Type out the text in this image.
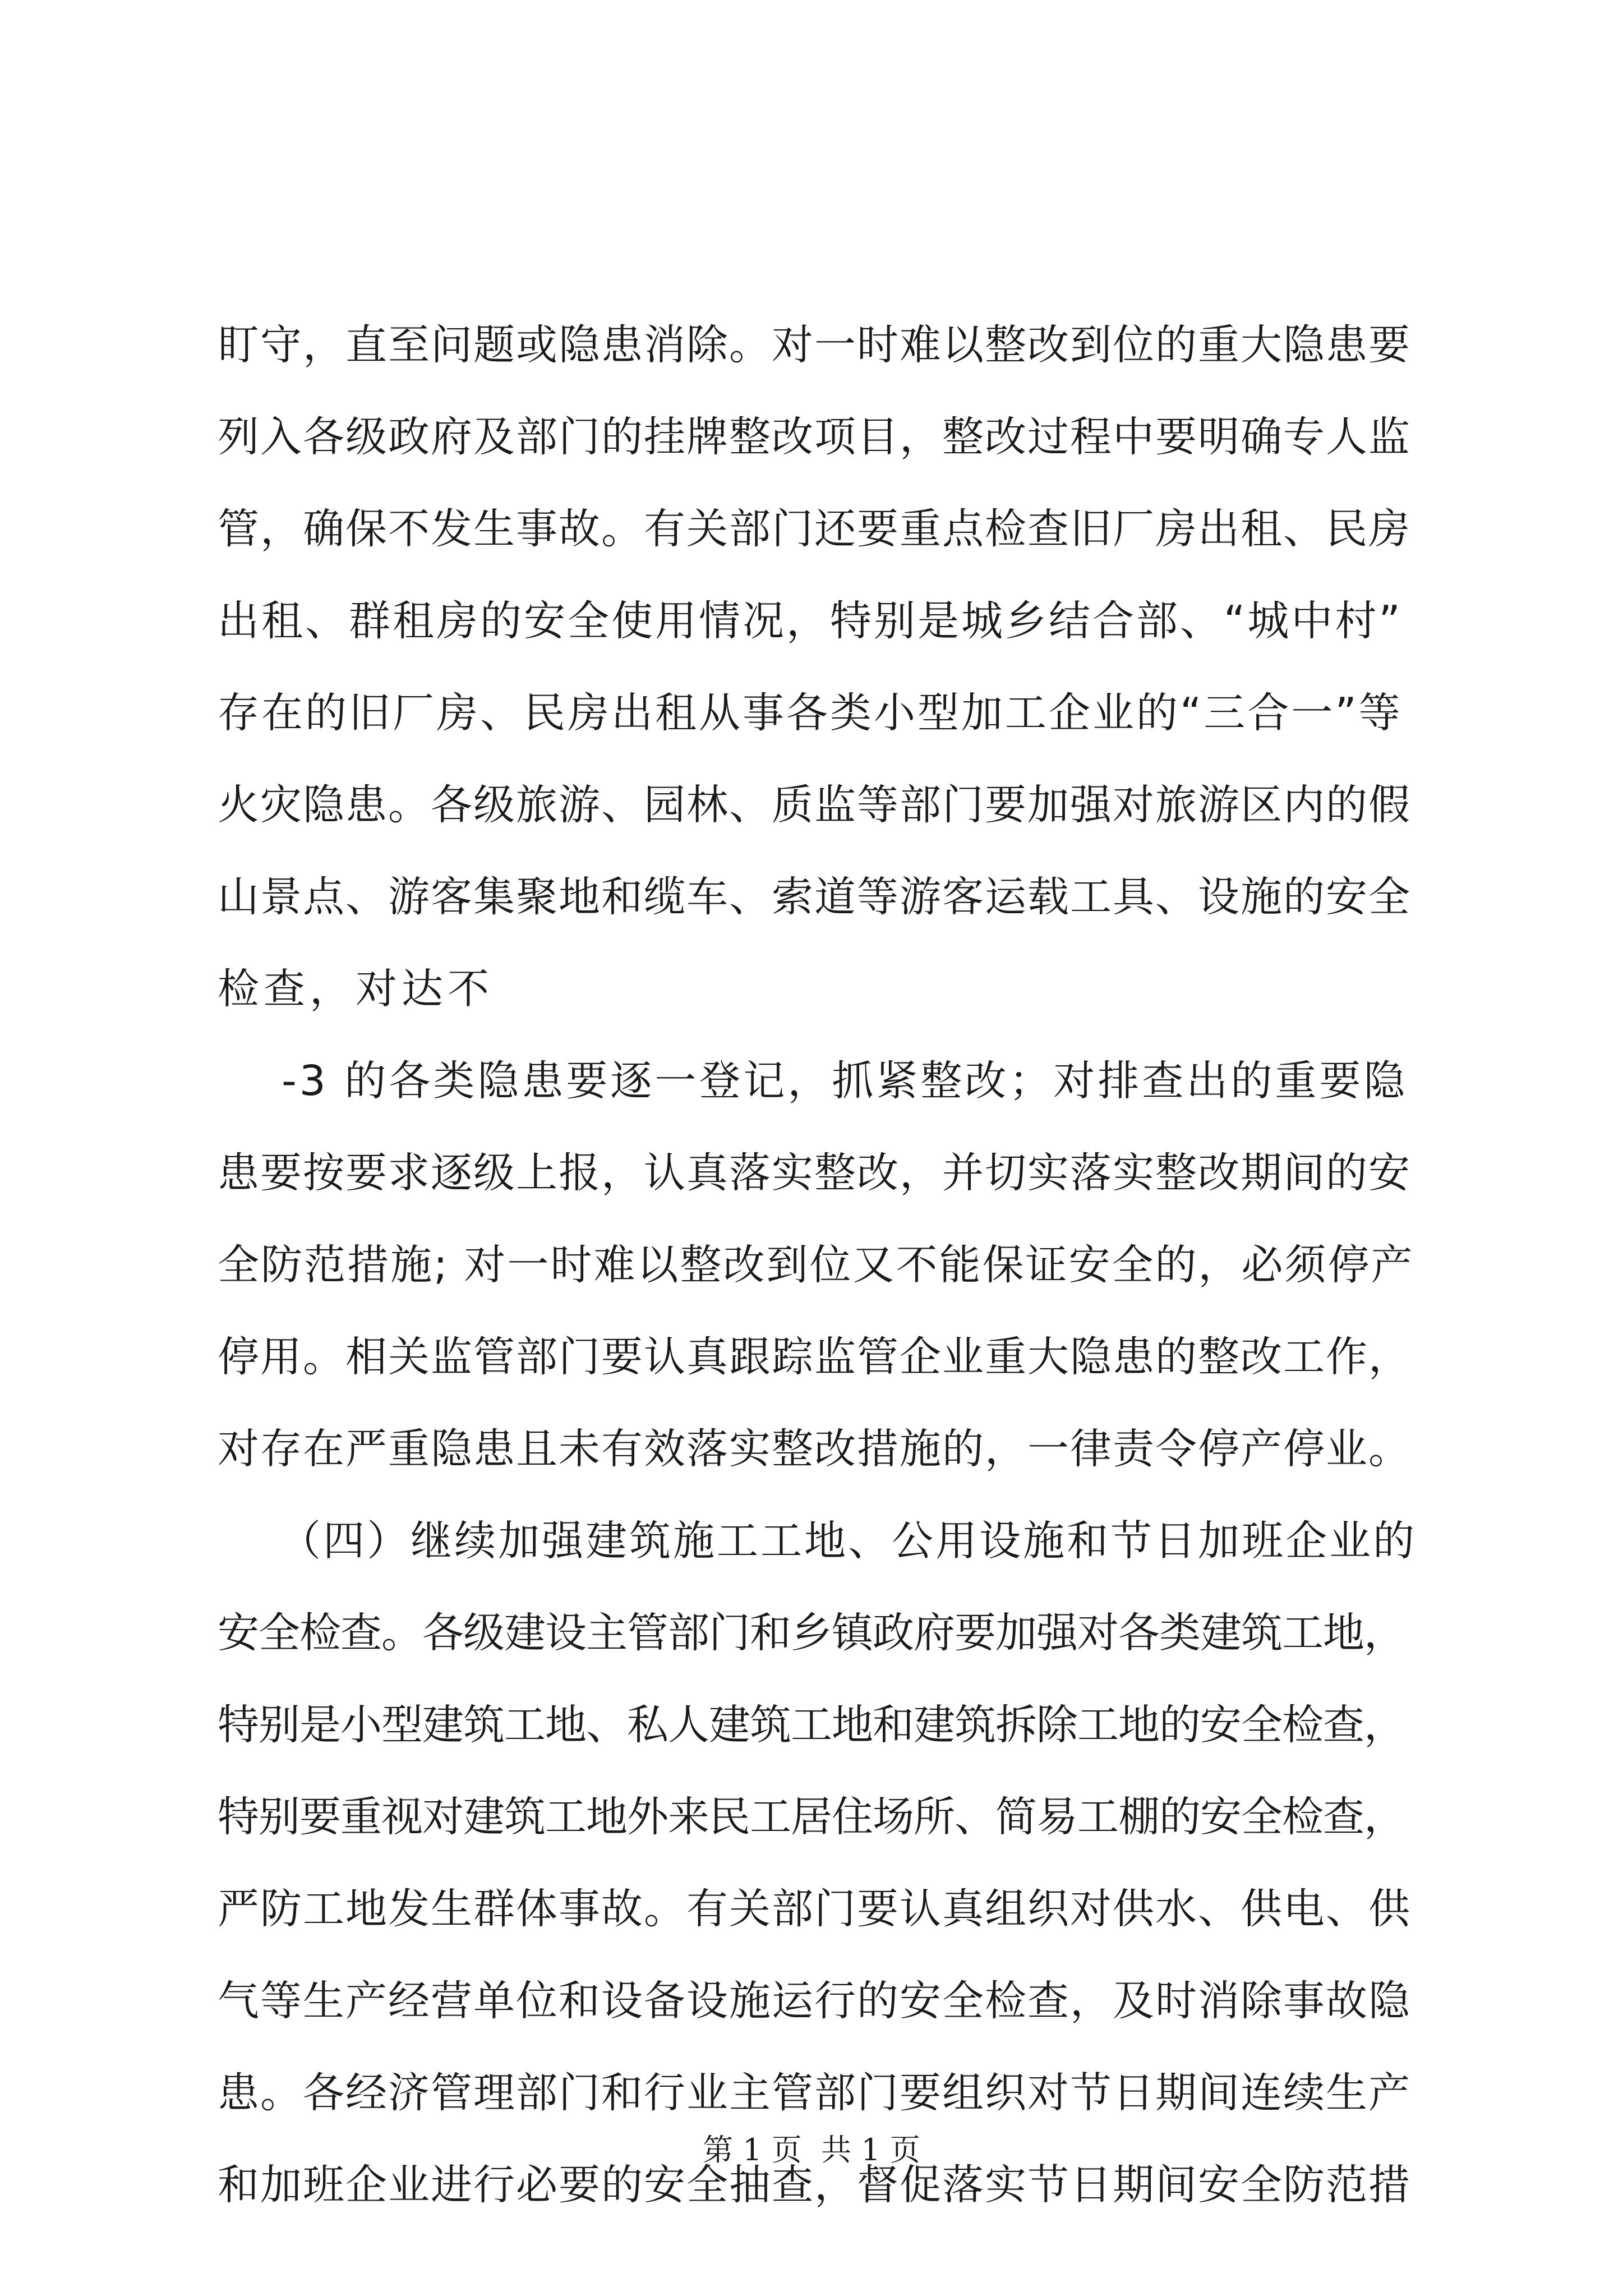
盯守，直至问题或隐患消除。对一时难以整改到位的重大隐患要
列入各级政府及部门的挂牌整改项目，整改过程中要明确专人监
管，确保不发生事故。有关部门还要重点检查旧厂房出租、民房
出租、群租房的安全使用情况，特别是城乡结合部、“城中村”
存在的旧厂房、民房出租从事各类小型加工企业的“三合一”等
火灾隐患。各级旅游、园林、质监等部门要加强对旅游区内的假
山景点、游客集聚地和缆车、索道等游客运载工具、设施的安全
检查，对达不
-3 的各类隐患要逐一登记，抓紧整改；对排查出的重要隐
患要按要求逐级上报，认真落实整改，并切实落实整改期间的安
全防范措施; 对一时难以整改到位又不能保证安全的，必须停产
停用。相关监管部门要认真跟踪监管企业重大隐患的整改工作，
对存在严重隐患且未有效落实整改措施的，一律责令停产停业。
（四）继续加强建筑施工工地、公用设施和节日加班企业的
安全检查。各级建设主管部门和乡镇政府要加强对各类建筑工地，
特别是小型建筑工地、私人建筑工地和建筑拆除工地的安全检查，
特别要重视对建筑工地外来民工居住场所、简易工棚的安全检查，
严防工地发生群体事故。有关部门要认真组织对供水、供电、供
气等生产经营单位和设备设施运行的安全检查，及时消除事故隐
患。各经济管理部门和行业主管部门要组织对节日期间连续生产
和加班企业进行必要的安全抽查，督促落实节日期间安全防范措
第 1 页  共 1 页
